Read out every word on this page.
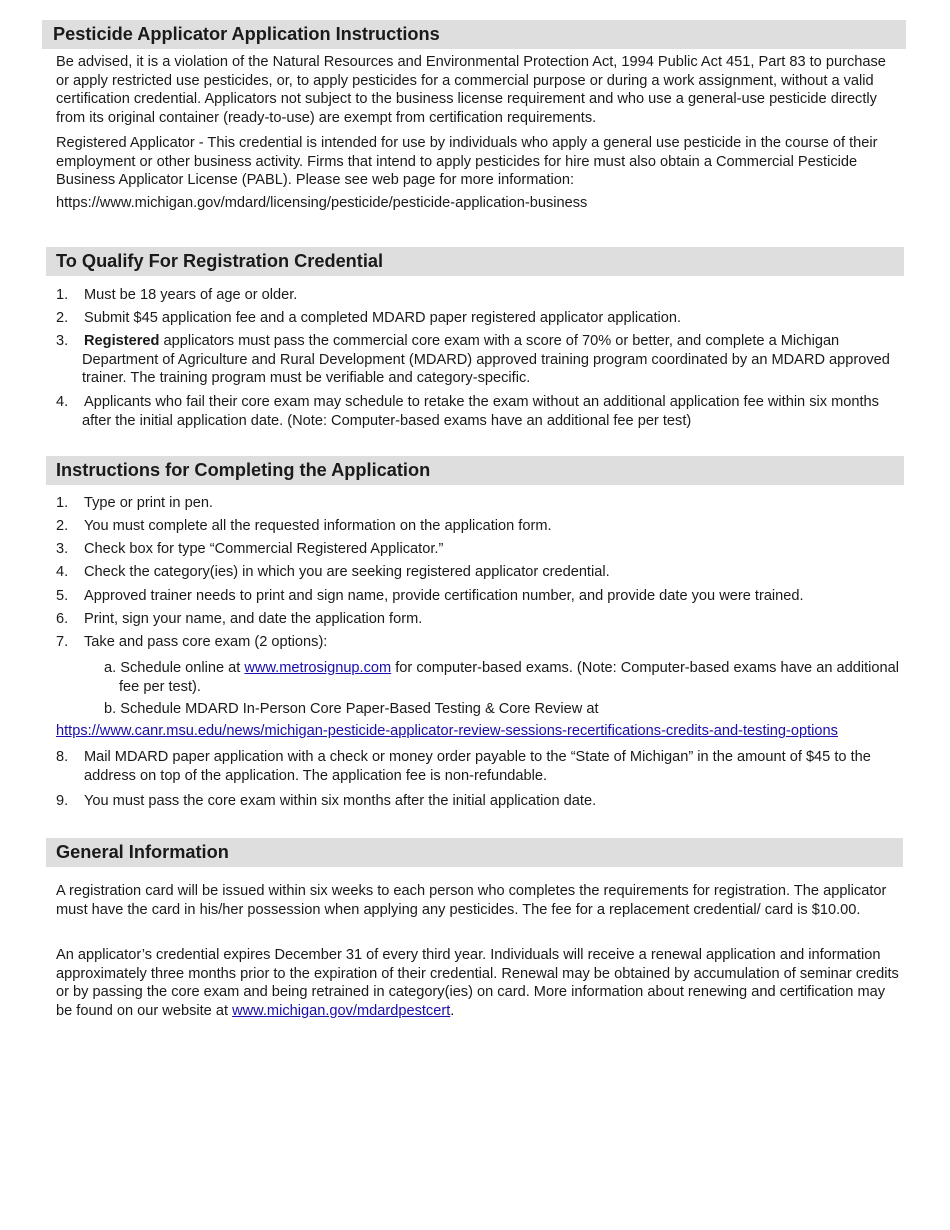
Pesticide Applicator Application Instructions

Be advised, it is a violation of the Natural Resources and Environmental Protection Act, 1994 Public Act 451, Part 83 to purchase or apply restricted use pesticides, or, to apply pesticides for a commercial purpose or during a work assignment, without a valid certification credential. Applicators not subject to the business license requirement and who use a general-use pesticide directly from its original container (ready-to-use) are exempt from certification requirements.

Registered Applicator - This credential is intended for use by individuals who apply a general use pesticide in the course of their employment or other business activity. Firms that intend to apply pesticides for hire must also obtain a Commercial Pesticide Business Applicator License (PABL). Please see web page for more information:

https://www.michigan.gov/mdard/licensing/pesticide/pesticide-application-business

To Qualify For Registration Credential
1. Must be 18 years of age or older.
2. Submit $45 application fee and a completed MDARD paper registered applicator application.
3. Registered applicators must pass the commercial core exam with a score of 70% or better, and complete a Michigan Department of Agriculture and Rural Development (MDARD) approved training program coordinated by an MDARD approved trainer. The training program must be verifiable and category-specific.
4. Applicants who fail their core exam may schedule to retake the exam without an additional application fee within six months after the initial application date. (Note: Computer-based exams have an additional fee per test)
Instructions for Completing the Application
1. Type or print in pen.
2. You must complete all the requested information on the application form.
3. Check box for type “Commercial Registered Applicator.”
4. Check the category(ies) in which you are seeking registered applicator credential.
5. Approved trainer needs to print and sign name, provide certification number, and provide date you were trained.
6. Print, sign your name, and date the application form.
7. Take and pass core exam (2 options):
a. Schedule online at www.metrosignup.com for computer-based exams. (Note: Computer-based exams have an additional fee per test).
b. Schedule MDARD In-Person Core Paper-Based Testing & Core Review at
https://www.canr.msu.edu/news/michigan-pesticide-applicator-review-sessions-recertifications-credits-and-testing-options
8. Mail MDARD paper application with a check or money order payable to the “State of Michigan” in the amount of $45 to the address on top of the application. The application fee is non-refundable.
9. You must pass the core exam within six months after the initial application date.
General Information

A registration card will be issued within six weeks to each person who completes the requirements for registration. The applicator must have the card in his/her possession when applying any pesticides. The fee for a replacement credential/ card is $10.00.

An applicator’s credential expires December 31 of every third year. Individuals will receive a renewal application and information approximately three months prior to the expiration of their credential. Renewal may be obtained by accumulation of seminar credits or by passing the core exam and being retrained in category(ies) on card. More information about renewing and certification may be found on our website at www.michigan.gov/mdardpestcert.
